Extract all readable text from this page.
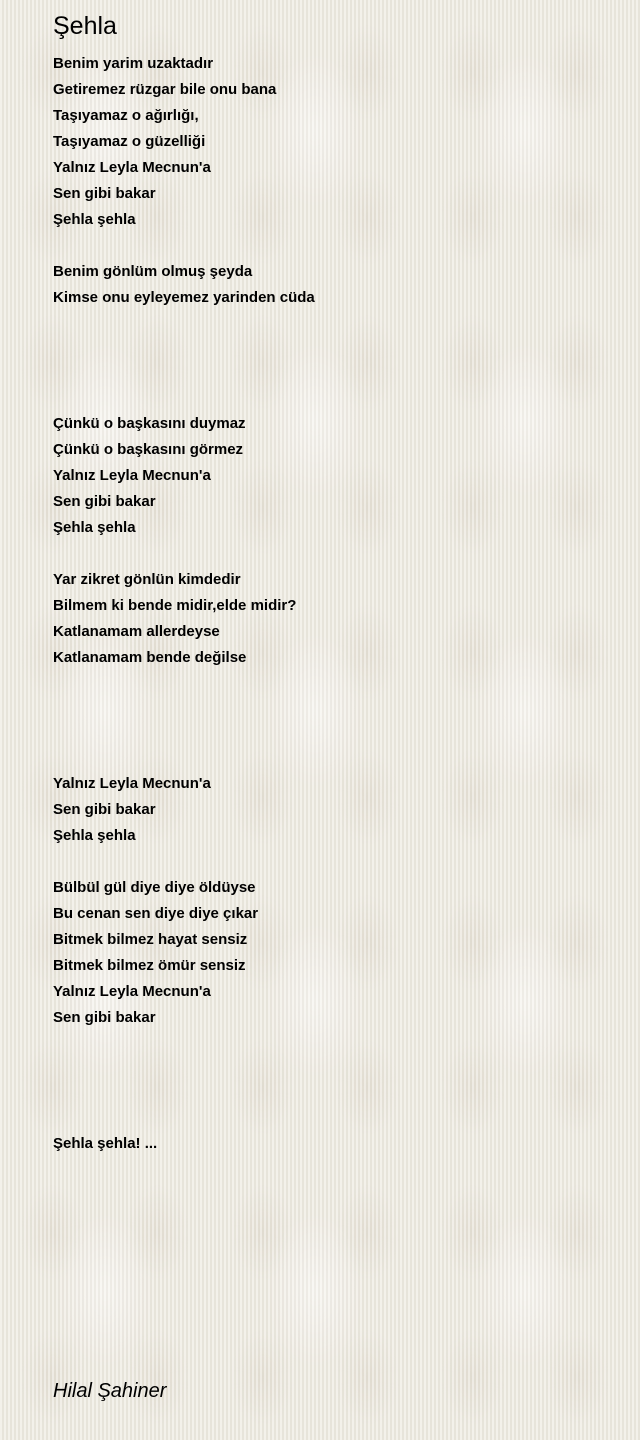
Şehla
Benim yarim uzaktadır
Getiremez rüzgar bile onu bana
Taşıyamaz o ağırlığı,
Taşıyamaz o güzelliği
Yalnız Leyla Mecnun'a
Sen gibi bakar
Şehla şehla
Benim gönlüm olmuş şeyda
Kimse onu eyleyemez yarinden cüda
Çünkü o başkasını duymaz
Çünkü o başkasını görmez
Yalnız Leyla Mecnun'a
Sen gibi bakar
Şehla şehla
Yar zikret gönlün kimdedir
Bilmem ki bende midir,elde midir?
Katlanamam allerdeyse
Katlanamam bende değilse
Yalnız Leyla Mecnun'a
Sen gibi bakar
Şehla şehla
Bülbül gül diye diye öldüyse
Bu cenan sen diye diye çıkar
Bitmek bilmez hayat sensiz
Bitmek bilmez ömür sensiz
Yalnız Leyla Mecnun'a
Sen gibi bakar
Şehla şehla! ...
Hilal Şahiner
